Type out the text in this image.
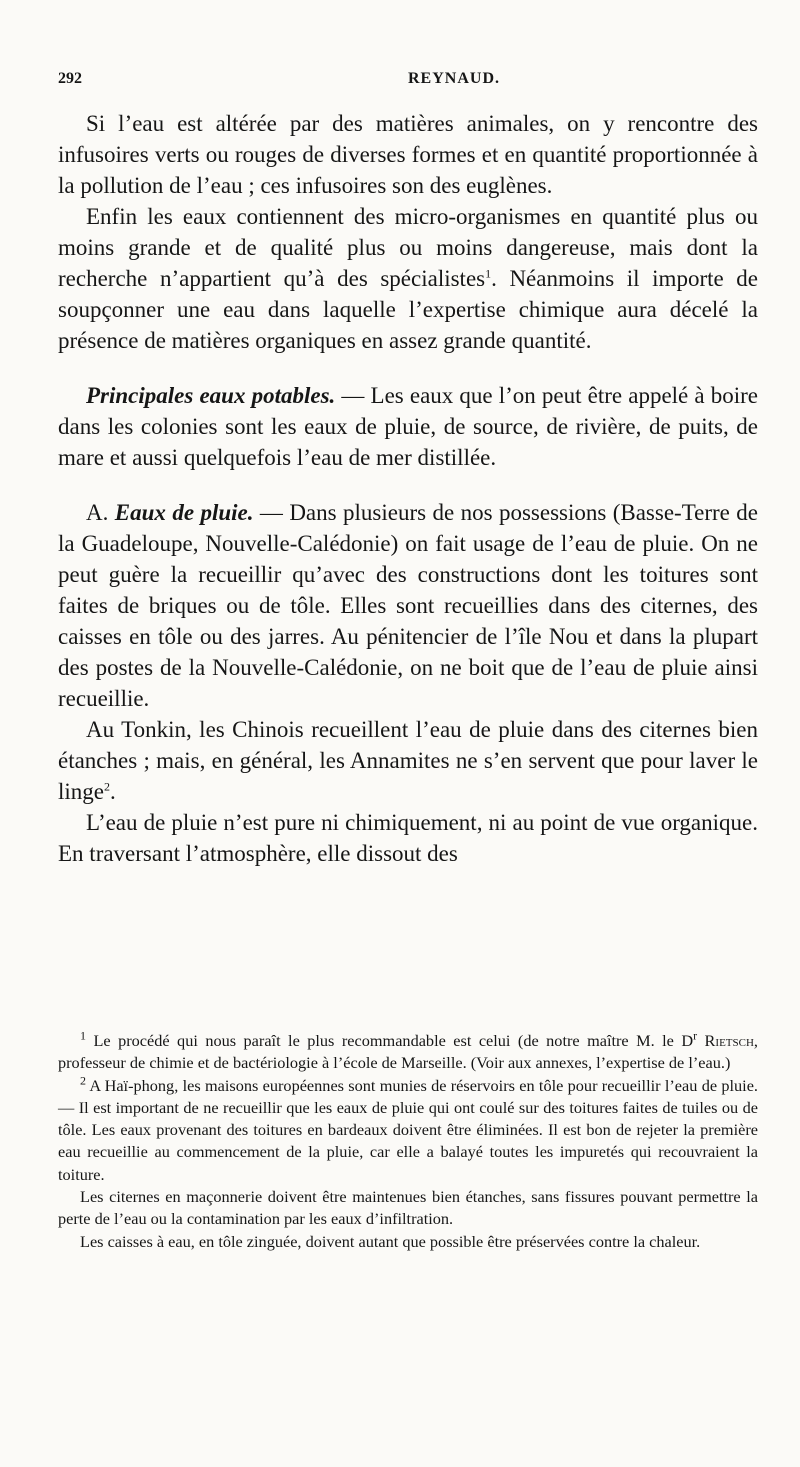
292	REYNAUD.

Si l’eau est altérée par des matières animales, on y rencontre des infusoires verts ou rouges de diverses formes et en quantité proportionnée à la pollution de l’eau ; ces infusoires son des euglènes.

Enfin les eaux contiennent des micro-organismes en quantité plus ou moins grande et de qualité plus ou moins dangereuse, mais dont la recherche n’appartient qu’à des spécialistes$^1$. Néanmoins il importe de soupçonner une eau dans laquelle l’expertise chimique aura décelé la présence de matières organiques en assez grande quantité.

Principales eaux potables. — Les eaux que l’on peut être appelé à boire dans les colonies sont les eaux de pluie, de source, de rivière, de puits, de mare et aussi quelquefois l’eau de mer distillée.

A. Eaux de pluie. — Dans plusieurs de nos possessions (Basse-Terre de la Guadeloupe, Nouvelle-Calédonie) on fait usage de l’eau de pluie. On ne peut guère la recueillir qu’avec des constructions dont les toitures sont faites de briques ou de tôle. Elles sont recueillies dans des citernes, des caisses en tôle ou des jarres. Au pénitencier de l’île Nou et dans la plupart des postes de la Nouvelle-Calédonie, on ne boit que de l’eau de pluie ainsi recueillie.

Au Tonkin, les Chinois recueillent l’eau de pluie dans des citernes bien étanches ; mais, en général, les Annamites ne s’en servent que pour laver le linge$^2$.

L’eau de pluie n’est pure ni chimiquement, ni au point de vue organique. En traversant l’atmosphère, elle dissout des

$^1$ Le procédé qui nous paraît le plus recommandable est celui (de notre maître M. le $D^r$ Rietsch, professeur de chimie et de bactériologie à l’école de Marseille. (Voir aux annexes, l’expertise de l’eau.)

$^2$ A Haï-phong, les maisons européennes sont munies de réservoirs en tôle pour recueillir l’eau de pluie. — Il est important de ne recueillir que les eaux de pluie qui ont coulé sur des toitures faites de tuiles ou de tôle. Les eaux provenant des toitures en bardeaux doivent être éliminées. Il est bon de rejeter la première eau recueillie au commencement de la pluie, car elle a balayé toutes les impuretés qui recouvraient la toiture.

Les citernes en maçonnerie doivent être maintenues bien étanches, sans fissures pouvant permettre la perte de l’eau ou la contamination par les eaux d’infiltration.

Les caisses à eau, en tôle zinguée, doivent autant que possible être préservées contre la chaleur.
